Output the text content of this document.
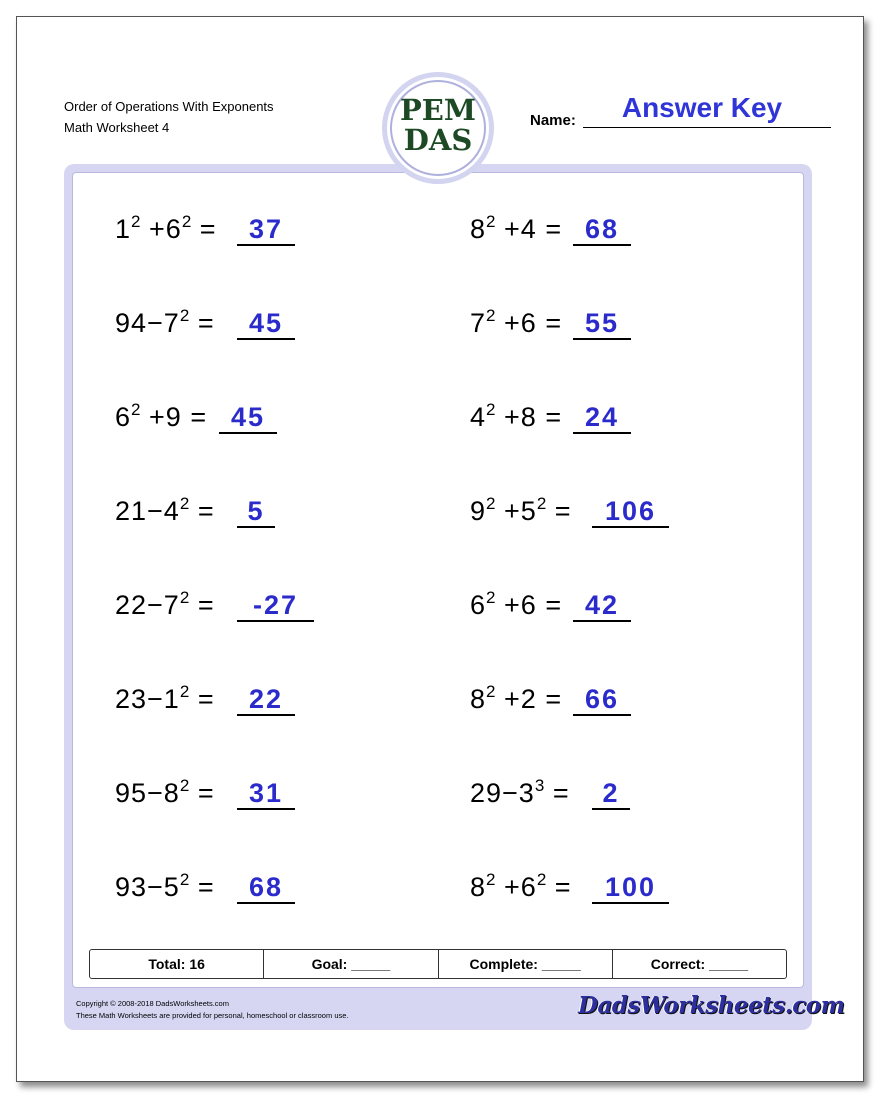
Order of Operations With Exponents
Math Worksheet 4
PEM
DAS
Name:	Answer Key
$1^2 +6^2$ =	37	$8^2 +4 = 68$
$94-7^2$ =	45	$7^2 +6 = 55$
$6^2 +9 = 45$	$4^2 +8 = 24$
$21-4^2$ =	5	$9^2 +5^2$ =	106
$22-7^2$ =	-27	$6^2 +6 = 42$
$23-1^2$ =	22	$8^2 +2 = 66$
$95-8^2$ =	31	$29-3^3$ =	2
$93-5^2$ =	68	$8^2 +6^2$ =	100
Total: 16	Goal: _____	Complete: _____	Correct: _____
Copyright © 2008-2018 DadsWorksheets.com
These Math Worksheets are provided for personal, homeschool or classroom use.	DadsWorksheets.com
